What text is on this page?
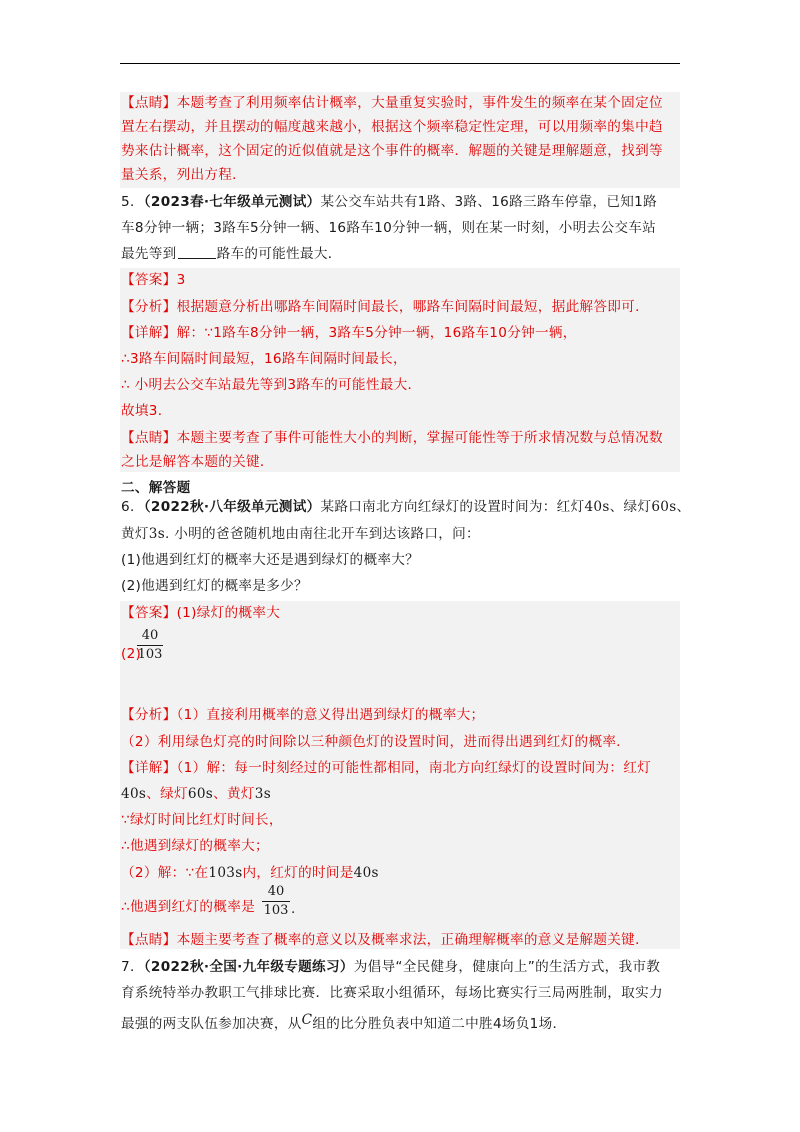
【点睛】本题考查了利用频率估计概率，大量重复实验时，事件发生的频率在某个固定位
置左右摆动，并且摆动的幅度越来越小，根据这个频率稳定性定理，可以用频率的集中趋
势来估计概率，这个固定的近似值就是这个事件的概率．解题的关键是理解题意，找到等
量关系，列出方程．
5．（2023春·七年级单元测试）某公交车站共有1路、3路、16路三路车停靠，已知1路
车8分钟一辆；3路车5分钟一辆、16路车10分钟一辆，则在某一时刻，小明去公交车站
最先等到	路车的可能性最大．
【答案】3
【分析】根据题意分析出哪路车间隔时间最长，哪路车间隔时间最短，据此解答即可．
【详解】解：∵1路车8分钟一辆，3路车5分钟一辆，16路车10分钟一辆，
∴3路车间隔时间最短，16路车间隔时间最长，
∴ 小明去公交车站最先等到3路车的可能性最大．
故填3．
【点睛】本题主要考查了事件可能性大小的判断，掌握可能性等于所求情况数与总情况数
之比是解答本题的关键．
二、解答题
6．（2022秋·八年级单元测试）某路口南北方向红绿灯的设置时间为：红灯40s、绿灯60s、
黄灯3s. 小明的爸爸随机地由南往北开车到达该路口，问：
(1)他遇到红灯的概率大还是遇到绿灯的概率大？
(2)他遇到红灯的概率是多少？
【答案】(1)绿灯的概率大
(2)
40
103
【分析】（1）直接利用概率的意义得出遇到绿灯的概率大；
（2）利用绿色灯亮的时间除以三种颜色灯的设置时间，进而得出遇到红灯的概率．
【详解】（1）解：每一时刻经过的可能性都相同，南北方向红绿灯的设置时间为：红灯
40s、绿灯60s、黄灯3s
∵绿灯时间比红灯时间长，
∴他遇到绿灯的概率大；
（2）解：∵在103s内，红灯的时间是40s
∴他遇到红灯的概率是
40
103 .
【点睛】本题主要考查了概率的意义以及概率求法，正确理解概率的意义是解题关键．
7．（2022秋·全国·九年级专题练习）为倡导“全民健身，健康向上”的生活方式，我市教
育系统特举办教职工气排球比赛．比赛采取小组循环，每场比赛实行三局两胜制，取实力
最强的两支队伍参加决赛，从C组的比分胜负表中知道二中胜4场负1场．
